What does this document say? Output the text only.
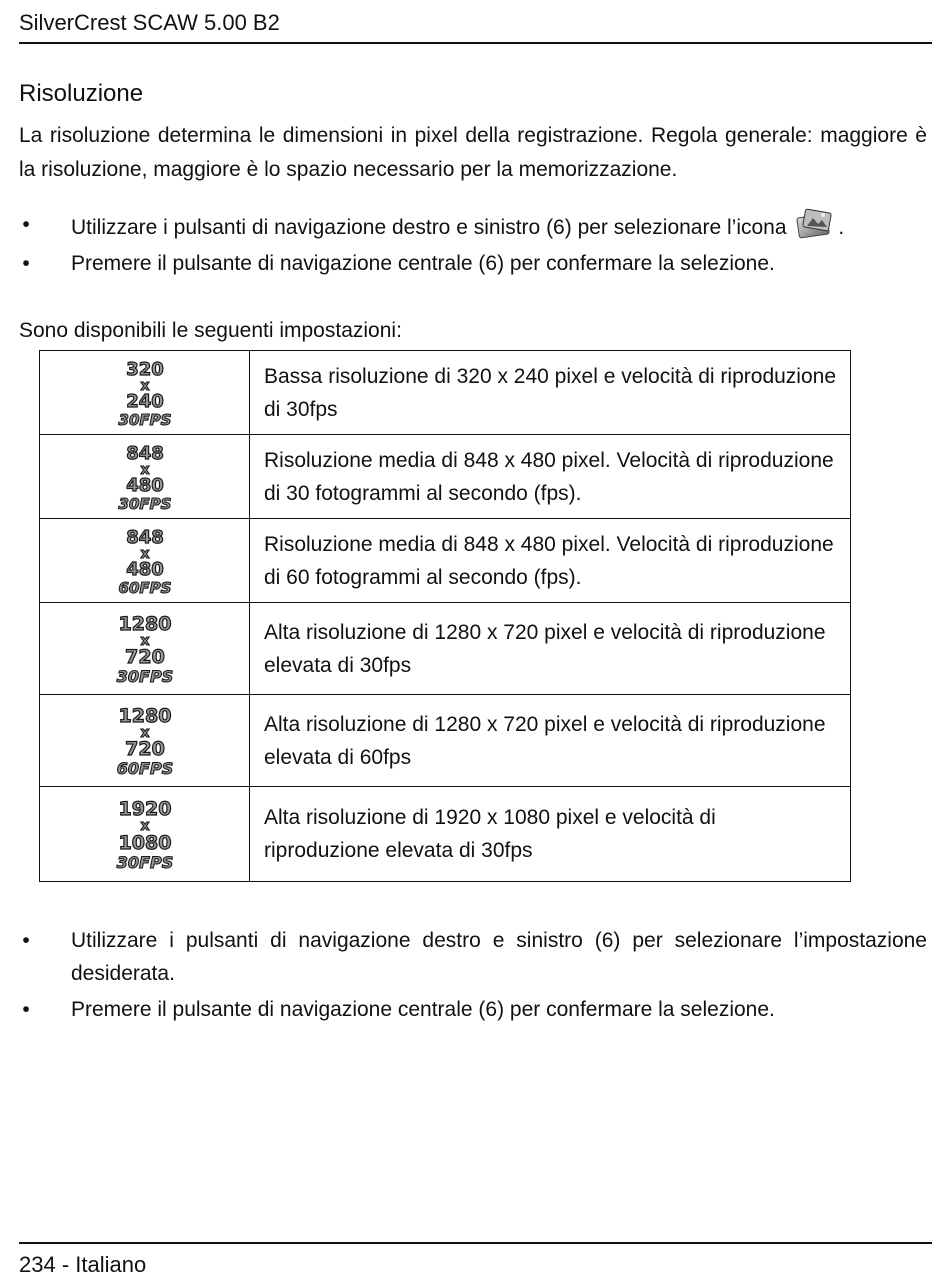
SilverCrest SCAW 5.00 B2
Risoluzione
La risoluzione determina le dimensioni in pixel della registrazione. Regola generale: maggiore è la risoluzione, maggiore è lo spazio necessario per la memorizzazione.
• Utilizzare i pulsanti di navigazione destro e sinistro (6) per selezionare l’icona .
• Premere il pulsante di navigazione centrale (6) per confermare la selezione.
Sono disponibili le seguenti impostazioni:
320
x
240
30FPS	Bassa risoluzione di 320 x 240 pixel e velocità di riproduzione di 30fps

848
x
480
30FPS	Risoluzione media di 848 x 480 pixel. Velocità di riproduzione di 30 fotogrammi al secondo (fps).

848
x
480
60FPS	Risoluzione media di 848 x 480 pixel. Velocità di riproduzione di 60 fotogrammi al secondo (fps).

1280
x
720
30FPS	Alta risoluzione di 1280 x 720 pixel e velocità di riproduzione elevata di 30fps

1280
x
720
60FPS	Alta risoluzione di 1280 x 720 pixel e velocità di riproduzione elevata di 60fps

1920
x
1080
30FPS	Alta risoluzione di 1920 x 1080 pixel e velocità di riproduzione elevata di 30fps
• Utilizzare i pulsanti di navigazione destro e sinistro (6) per selezionare l’impostazione desiderata.
• Premere il pulsante di navigazione centrale (6) per confermare la selezione.
234 - Italiano
